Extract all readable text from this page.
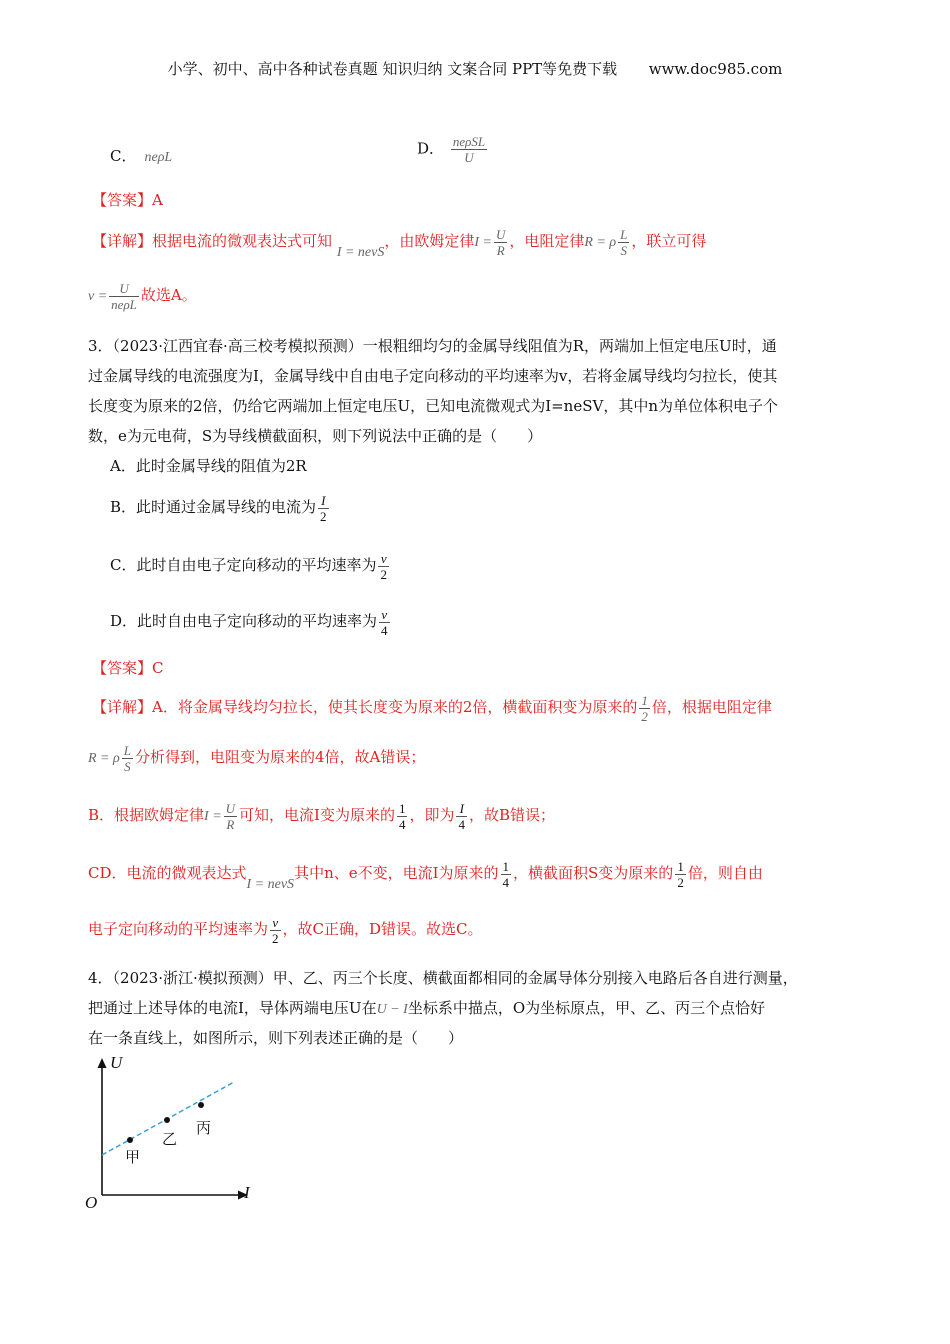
小学、初中、高中各种试卷真题 知识归纳 文案合同 PPT等免费下载 www.doc985.com
C． neρL	D． $\frac{\text{neρSL}}{U}$
【答案】A
【详解】根据电流的微观表达式可知 I = nevS，由欧姆定律$I = \frac{U}{R}$ ，电阻定律R = ρ $\frac{L}{S}$ ，联立可得
$v = \frac{U}{\text{neρL}}$ 故选A。
3．（2023·江西宜春·高三校考模拟预测）一根粗细均匀的金属导线阻值为R，两端加上恒定电压U时，通
过金属导线的电流强度为I，金属导线中自由电子定向移动的平均速率为v，若将金属导线均匀拉长，使其
长度变为原来的2倍，仍给它两端加上恒定电压U，已知电流微观式为I=neSV，其中n为单位体积电子个
数，e为元电荷，S为导线横截面积，则下列说法中正确的是（　　）
A．此时金属导线的阻值为2R
B．此时通过金属导线的电流为 $\frac{I}{2}$
C．此时自由电子定向移动的平均速率为 $\frac{v}{2}$
D．此时自由电子定向移动的平均速率为 $\frac{v}{4}$
【答案】C
【详解】A．将金属导线均匀拉长，使其长度变为原来的2倍，横截面积变为原来的 $\frac{1}{2}$ 倍，根据电阻定律
R = ρ $\frac{L}{S}$ 分析得到，电阻变为原来的4倍，故A错误；
B．根据欧姆定律$I = \frac{U}{R}$ 可知，电流I变为原来的 $\frac{1}{4}$ ，即为 $\frac{I}{4}$ ，故B错误；
CD．电流的微观表达式I = nevS其中n、e不变，电流I为原来的 $\frac{1}{4}$ ，横截面积S变为原来的 $\frac{1}{2}$ 倍，则自由
电子定向移动的平均速率为 $\frac{v}{2}$ ，故C正确，D错误。故选C。
4．（2023·浙江·模拟预测）甲、乙、丙三个长度、横截面都相同的金属导体分别接入电路后各自进行测量，
把通过上述导体的电流I，导体两端电压U在U − I坐标系中描点，O为坐标原点，甲、乙、丙三个点恰好
在一条直线上，如图所示，则下列表述正确的是（　　）
U
I
O
甲
乙
丙
